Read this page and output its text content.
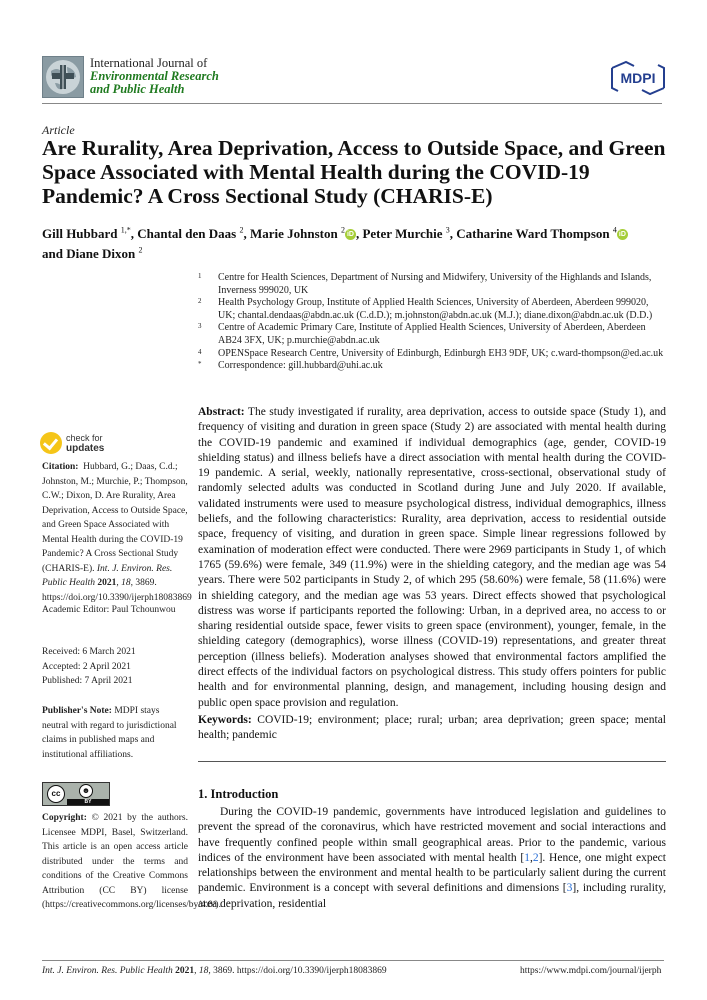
International Journal of
Environmental Research
and Public Health
MDPI
Article
Are Rurality, Area Deprivation, Access to Outside Space, and Green Space Associated with Mental Health during the COVID-19 Pandemic? A Cross Sectional Study (CHARIS-E)
Gill Hubbard $^{1,*}$, Chantal den Daas $^2$, Marie Johnston $^2$ iD , Peter Murchie $^3$, Catharine Ward Thompson $^4$ iD
and Diane Dixon $^2$
1 Centre for Health Sciences, Department of Nursing and Midwifery, University of the Highlands and Islands, Inverness 999020, UK
2 Health Psychology Group, Institute of Applied Health Sciences, University of Aberdeen, Aberdeen 999020, UK; chantal.dendaas@abdn.ac.uk (C.d.D.); m.johnston@abdn.ac.uk (M.J.); diane.dixon@abdn.ac.uk (D.D.)
3 Centre of Academic Primary Care, Institute of Applied Health Sciences, University of Aberdeen, Aberdeen AB24 3FX, UK; p.murchie@abdn.ac.uk
4 OPENSpace Research Centre, University of Edinburgh, Edinburgh EH3 9DF, UK; c.ward-thompson@ed.ac.uk
* Correspondence: gill.hubbard@uhi.ac.uk
check for
updates
Citation: Hubbard, G.; Daas, C.d.; Johnston, M.; Murchie, P.; Thompson, C.W.; Dixon, D. Are Rurality, Area Deprivation, Access to Outside Space, and Green Space Associated with Mental Health during the COVID-19 Pandemic? A Cross Sectional Study (CHARIS-E). Int. J. Environ. Res. Public Health 2021, 18, 3869. https://doi.org/10.3390/ijerph18083869
Academic Editor: Paul Tchounwou
Received: 6 March 2021
Accepted: 2 April 2021
Published: 7 April 2021
Publisher's Note: MDPI stays neutral with regard to jurisdictional claims in published maps and institutional affiliations.
cc	☻
BY
Copyright: © 2021 by the authors. Licensee MDPI, Basel, Switzerland. This article is an open access article distributed under the terms and conditions of the Creative Commons Attribution (CC BY) license (https://creativecommons.org/licenses/by/4.0/).
Abstract: The study investigated if rurality, area deprivation, access to outside space (Study 1), and frequency of visiting and duration in green space (Study 2) are associated with mental health during the COVID-19 pandemic and examined if individual demographics (age, gender, COVID-19 shielding status) and illness beliefs have a direct association with mental health during the COVID-19 pandemic. A serial, weekly, nationally representative, cross-sectional, observational study of randomly selected adults was conducted in Scotland during June and July 2020. If available, validated instruments were used to measure psychological distress, individual demographics, illness beliefs, and the following characteristics: Rurality, area deprivation, access to residential outside space, frequency of visiting, and duration in green space. Simple linear regressions followed by examination of moderation effect were conducted. There were 2969 participants in Study 1, of which 1765 (59.6%) were female, 349 (11.9%) were in the shielding category, and the median age was 54 years. There were 502 participants in Study 2, of which 295 (58.60%) were female, 58 (11.6%) were in shielding category, and the median age was 53 years. Direct effects showed that psychological distress was worse if participants reported the following: Urban, in a deprived area, no access to or sharing residential outside space, fewer visits to green space (environment), younger, female, in the shielding category (demographics), worse illness (COVID-19) representations, and greater threat perception (illness beliefs). Moderation analyses showed that environmental factors amplified the direct effects of the individual factors on psychological distress. This study offers pointers for public health and for environmental planning, design, and management, including housing design and public open space provision and regulation.
Keywords: COVID-19; environment; place; rural; urban; area deprivation; green space; mental health; pandemic
1. Introduction
During the COVID-19 pandemic, governments have introduced legislation and guidelines to prevent the spread of the coronavirus, which have restricted movement and social interactions and have frequently confined people within small geographical areas. Prior to the pandemic, various indices of the environment have been associated with mental health [1,2]. Hence, one might expect relationships between the environment and mental health to be particularly salient during the current pandemic. Environment is a concept with several definitions and dimensions [3], including rurality, area deprivation, residential
Int. J. Environ. Res. Public Health 2021, 18, 3869. https://doi.org/10.3390/ijerph18083869	https://www.mdpi.com/journal/ijerph
